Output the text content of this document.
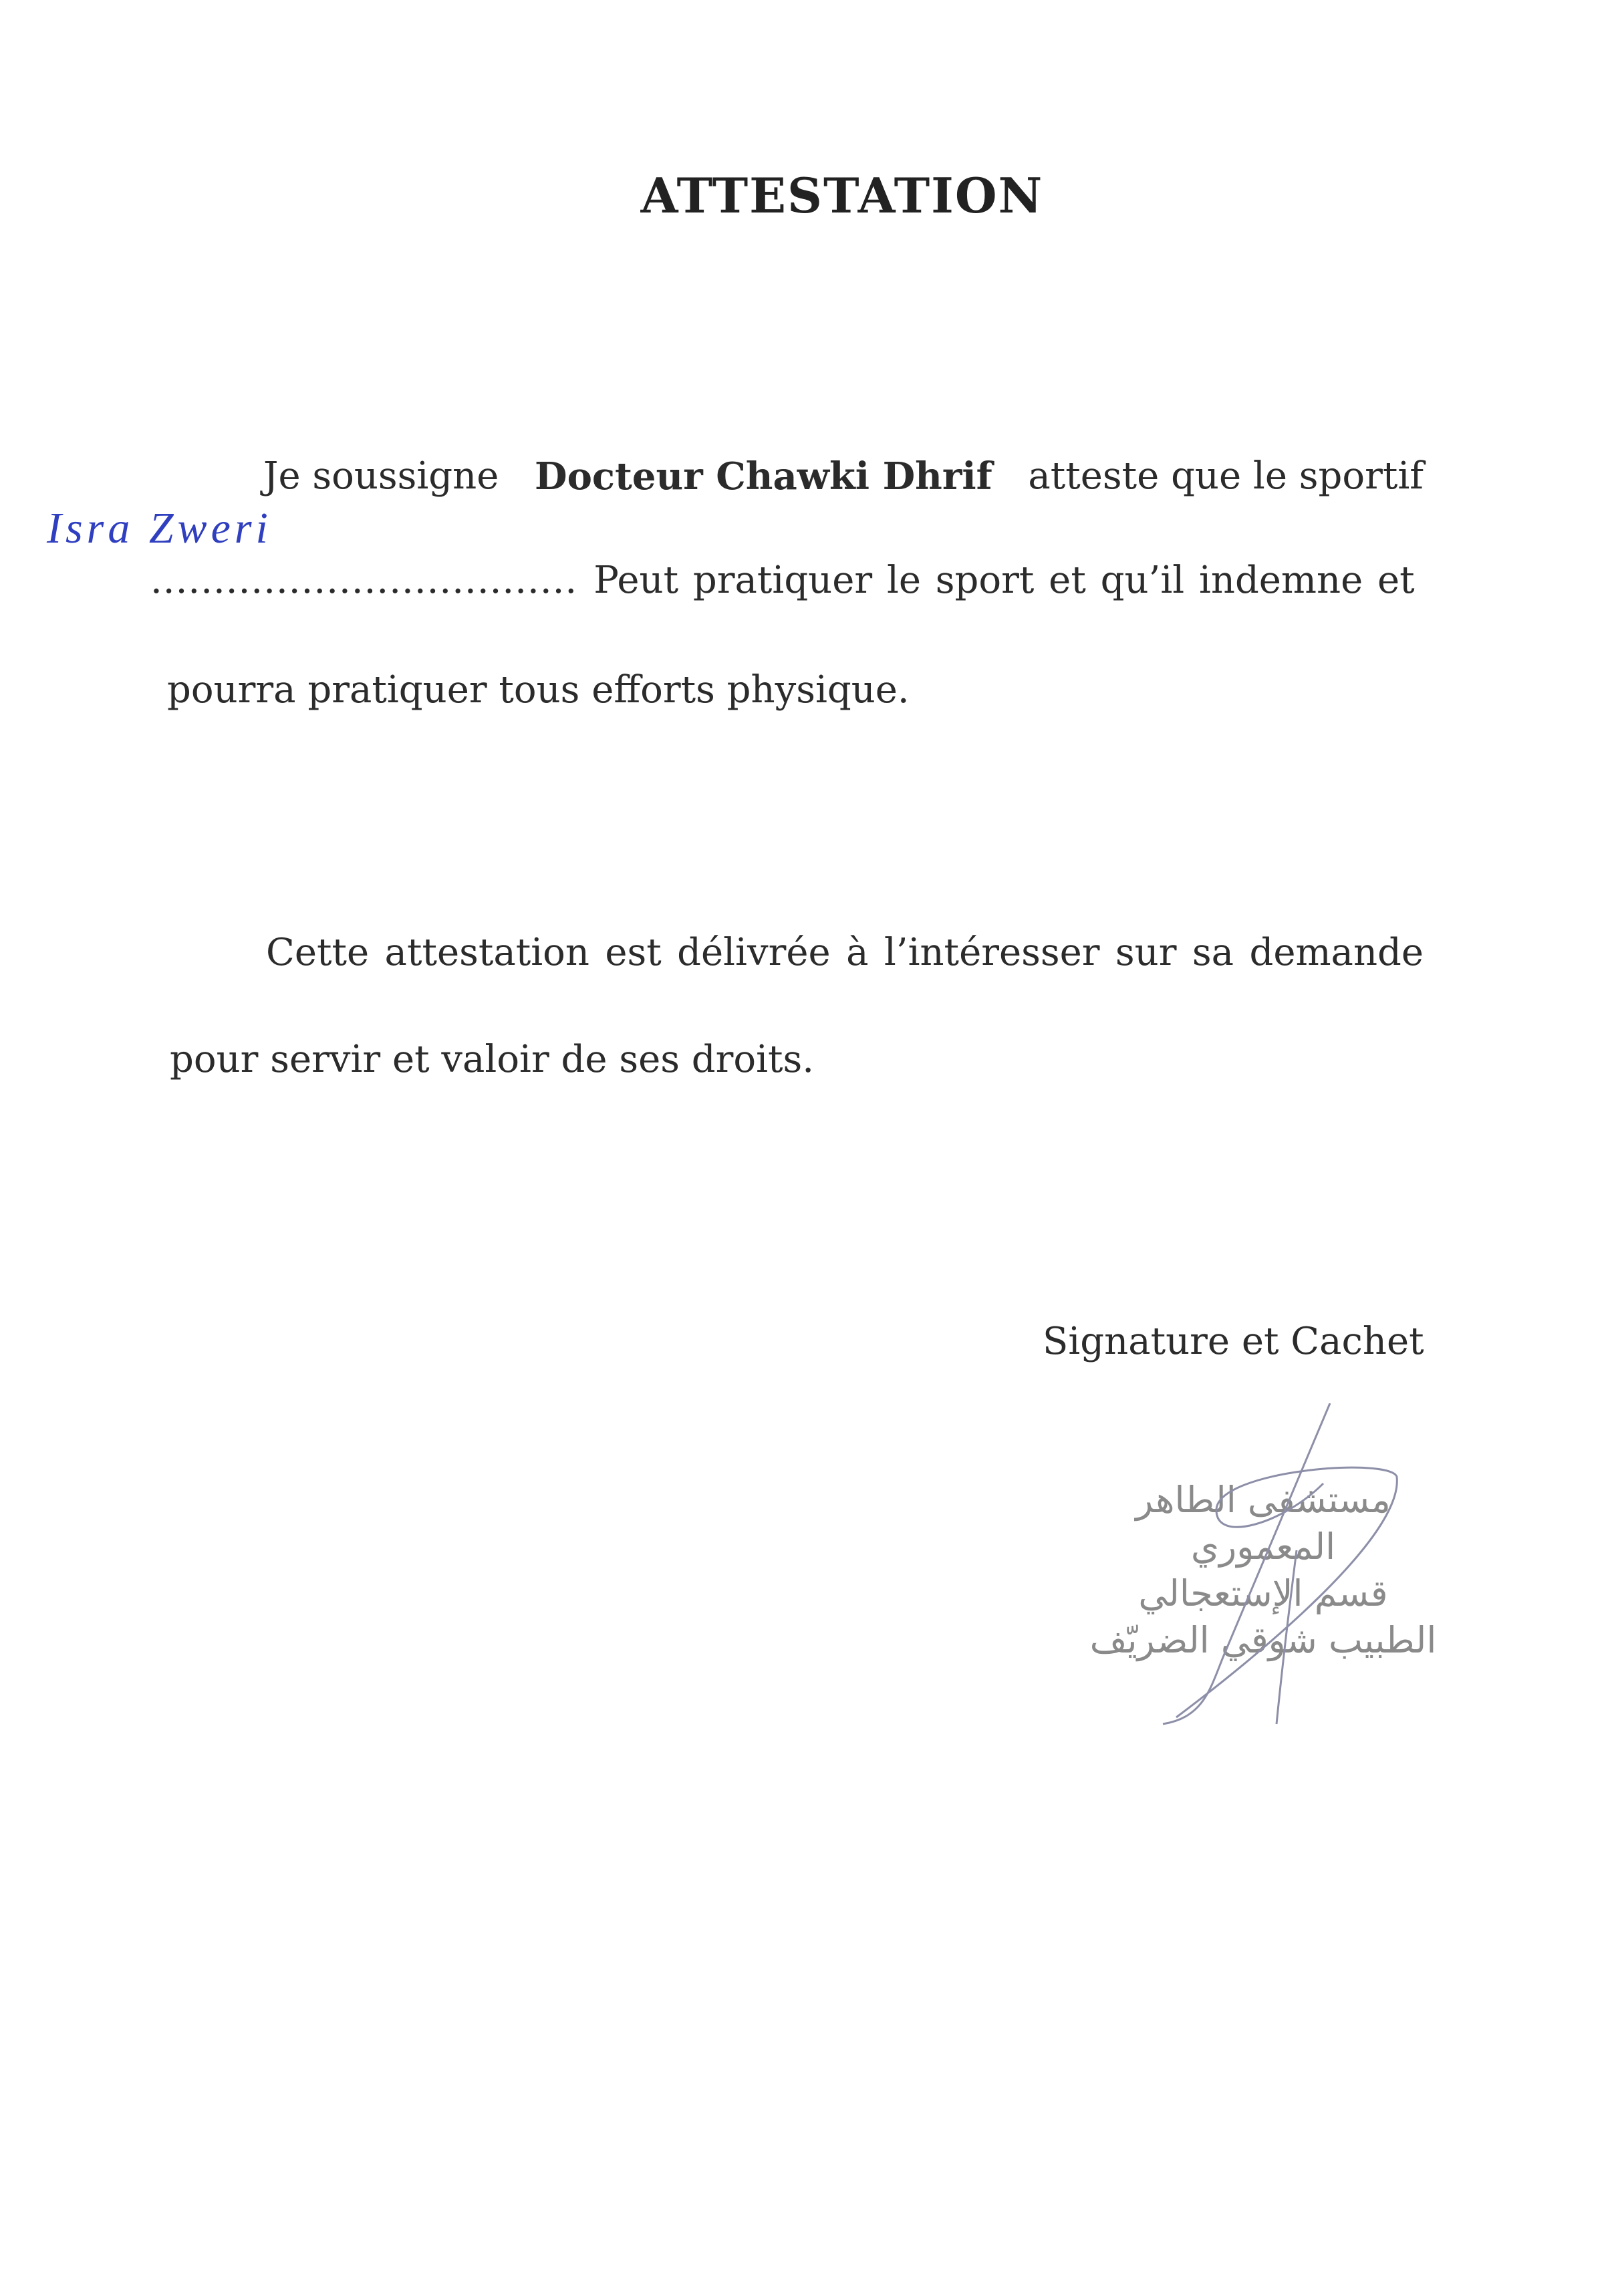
ATTESTATION
Je soussigne Docteur Chawki Dhrif atteste que le sportif
Isra Zweri
.................................. Peut pratiquer le sport et qu’il indemne et
pourra pratiquer tous efforts physique.
Cette attestation est délivrée à l’intéresser sur sa demande
pour servir et valoir de ses droits.
Signature et Cachet
مستشفى الطاهر المعموري
قسم الإستعجالي
الطبيب شوقي الضريّف
